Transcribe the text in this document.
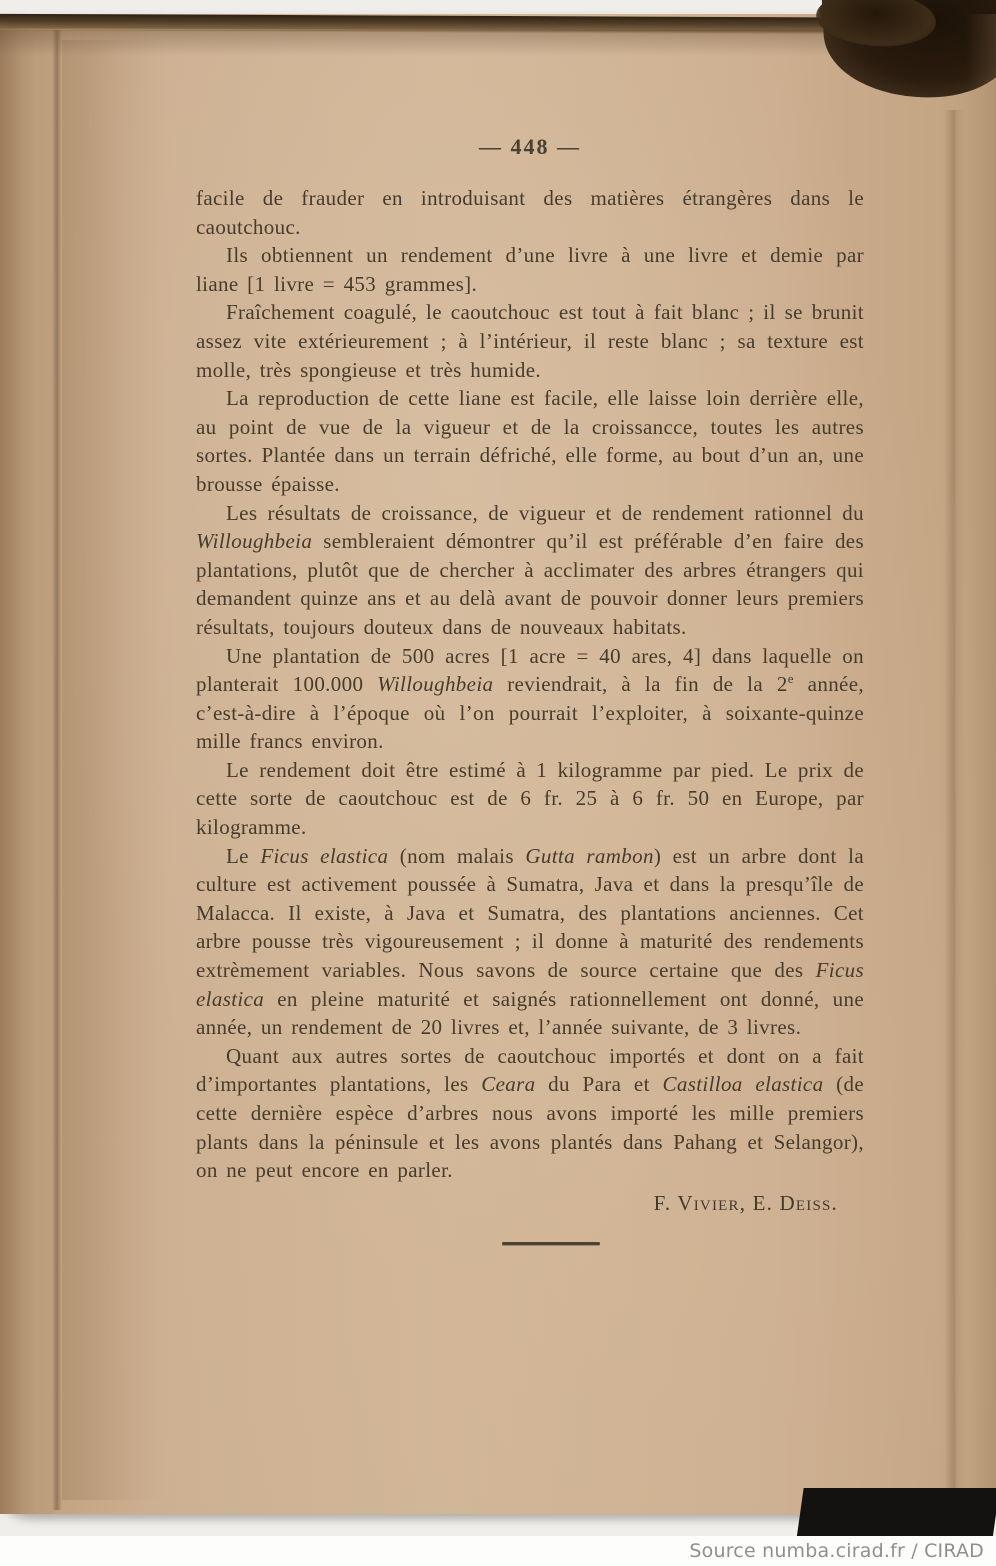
— 448 —

facile de frauder en introduisant des matières étrangères dans le caoutchouc.

Ils obtiennent un rendement d’une livre à une livre et demie par liane [1 livre = 453 grammes].

Fraîchement coagulé, le caoutchouc est tout à fait blanc ; il se brunit assez vite extérieurement ; à l’intérieur, il reste blanc ; sa texture est molle, très spongieuse et très humide.

La reproduction de cette liane est facile, elle laisse loin derrière elle, au point de vue de la vigueur et de la croissancce, toutes les autres sortes. Plantée dans un terrain défriché, elle forme, au bout d’un an, une brousse épaisse.

Les résultats de croissance, de vigueur et de rendement rationnel du Willoughbeia sembleraient démontrer qu’il est préférable d’en faire des plantations, plutôt que de chercher à acclimater des arbres étrangers qui demandent quinze ans et au delà avant de pouvoir donner leurs premiers résultats, toujours douteux dans de nouveaux habitats.

Une plantation de 500 acres [1 acre = 40 ares, 4] dans laquelle on planterait 100.000 Willoughbeia reviendrait, à la fin de la 2e année, c’est-à-dire à l’époque où l’on pourrait l’exploiter, à soixante-quinze mille francs environ.

Le rendement doit être estimé à 1 kilogramme par pied. Le prix de cette sorte de caoutchouc est de 6 fr. 25 à 6 fr. 50 en Europe, par kilogramme.

Le Ficus elastica (nom malais Gutta rambon) est un arbre dont la culture est activement poussée à Sumatra, Java et dans la presqu’île de Malacca. Il existe, à Java et Sumatra, des plantations anciennes. Cet arbre pousse très vigoureusement ; il donne à maturité des rendements extrèmement variables. Nous savons de source certaine que des Ficus elastica en pleine maturité et saignés rationnellement ont donné, une année, un rendement de 20 livres et, l’année suivante, de 3 livres.

Quant aux autres sortes de caoutchouc importés et dont on a fait d’importantes plantations, les Ceara du Para et Castilloa elastica (de cette dernière espèce d’arbres nous avons importé les mille premiers plants dans la péninsule et les avons plantés dans Pahang et Selangor), on ne peut encore en parler.

F. Vivier, E. Deiss.

Source numba.cirad.fr / CIRAD
